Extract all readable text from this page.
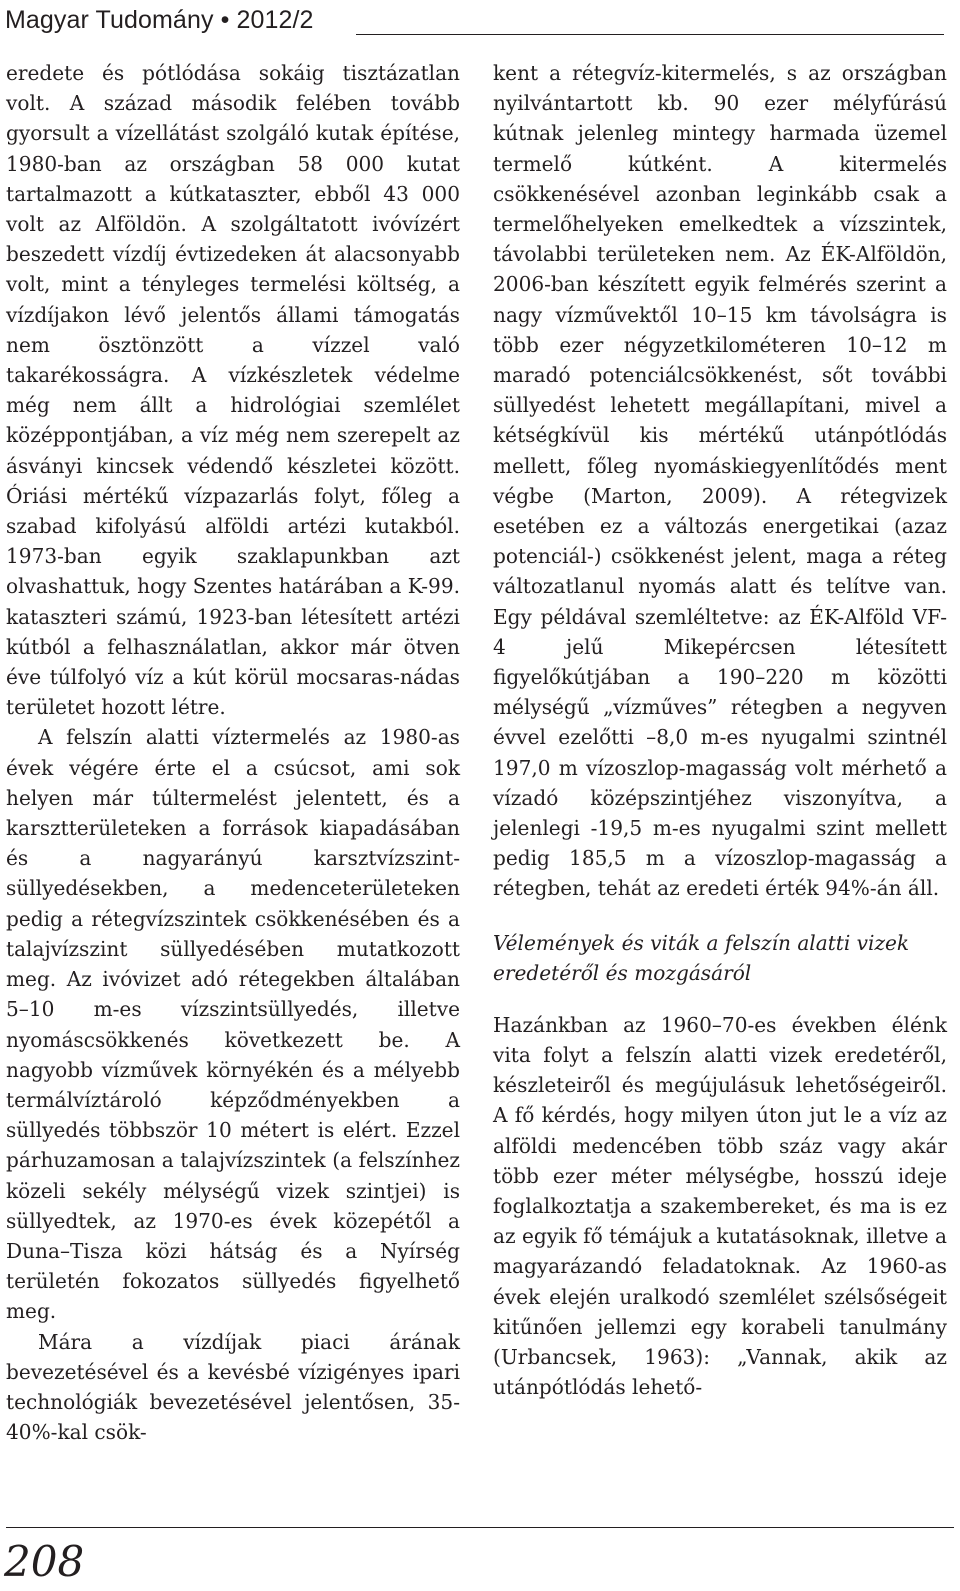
Magyar Tudomány • 2012/2

eredete és pótlódása sokáig tisztázatlan volt. A század második felében tovább gyorsult a vízellátást szolgáló kutak építése, 1980-ban az országban 58 000 kutat tartalmazott a kútkataszter, ebből 43 000 volt az Alföldön. A szolgáltatott ivóvízért beszedett vízdíj évtizedeken át alacsonyabb volt, mint a tényleges termelési költség, a vízdíjakon lévő jelentős állami támogatás nem ösztönzött a vízzel való takarékosságra. A vízkészletek védelme még nem állt a hidrológiai szemlélet középpontjában, a víz még nem szerepelt az ásványi kincsek védendő készletei között. Óriási mértékű vízpazarlás folyt, főleg a szabad kifolyású alföldi artézi kutakból. 1973-ban egyik szaklapunkban azt olvashattuk, hogy Szentes határában a K-99. kataszteri számú, 1923-ban létesített artézi kútból a felhasználatlan, akkor már ötven éve túlfolyó víz a kút körül mocsaras-nádas területet hozott létre.

A felszín alatti víztermelés az 1980-as évek végére érte el a csúcsot, ami sok helyen már túltermelést jelentett, és a karsztterületeken a források kiapadásában és a nagyarányú karsztvízszint-süllyedésekben, a medenceterületeken pedig a rétegvízszintek csökkenésében és a talajvízszint süllyedésében mutatkozott meg. Az ivóvizet adó rétegekben általában 5–10 m-es vízszintsüllyedés, illetve nyomáscsökkenés következett be. A nagyobb vízművek környékén és a mélyebb termálvíztároló képződményekben a süllyedés többször 10 métert is elért. Ezzel párhuzamosan a talajvízszintek (a felszínhez közeli sekély mélységű vizek szintjei) is süllyedtek, az 1970-es évek közepétől a Duna–Tisza közi hátság és a Nyírség területén fokozatos süllyedés figyelhető meg.

Mára a vízdíjak piaci árának bevezetésével és a kevésbé vízigényes ipari technológiák bevezetésével jelentősen, 35-40%-kal csök-

kent a rétegvíz-kitermelés, s az országban nyilvántartott kb. 90 ezer mélyfúrású kútnak jelenleg mintegy harmada üzemel termelő kútként. A kitermelés csökkenésével azonban leginkább csak a termelőhelyeken emelkedtek a vízszintek, távolabbi területeken nem. Az ÉK-Alföldön, 2006-ban készített egyik felmérés szerint a nagy vízművektől 10–15 km távolságra is több ezer négyzetkilométeren 10–12 m maradó potenciálcsökkenést, sőt további süllyedést lehetett megállapítani, mivel a kétségkívül kis mértékű utánpótlódás mellett, főleg nyomáskiegyenlítődés ment végbe (Marton, 2009). A rétegvizek esetében ez a változás energetikai (azaz potenciál-) csökkenést jelent, maga a réteg változatlanul nyomás alatt és telítve van. Egy példával szemléltetve: az ÉK-Alföld VF-4 jelű Mikepércsen létesített figyelőkútjában a 190–220 m közötti mélységű „vízműves” rétegben a negyven évvel ezelőtti –8,0 m-es nyugalmi szintnél 197,0 m vízoszlop-magasság volt mérhető a vízadó középszintjéhez viszonyítva, a jelenlegi -19,5 m-es nyugalmi szint mellett pedig 185,5 m a vízoszlop-magasság a rétegben, tehát az eredeti érték 94%-án áll.

Vélemények és viták a felszín alatti vizek eredetéről és mozgásáról

Hazánkban az 1960–70-es években élénk vita folyt a felszín alatti vizek eredetéről, készleteiről és megújulásuk lehetőségeiről. A fő kérdés, hogy milyen úton jut le a víz az alföldi medencében több száz vagy akár több ezer méter mélységbe, hosszú ideje foglalkoztatja a szakembereket, és ma is ez az egyik fő témájuk a kutatásoknak, illetve a magyarázandó feladatoknak. Az 1960-as évek elején uralkodó szemlélet szélsőségeit kitűnően jellemzi egy korabeli tanulmány (Urbancsek, 1963): „Vannak, akik az utánpótlódás lehető-

208
